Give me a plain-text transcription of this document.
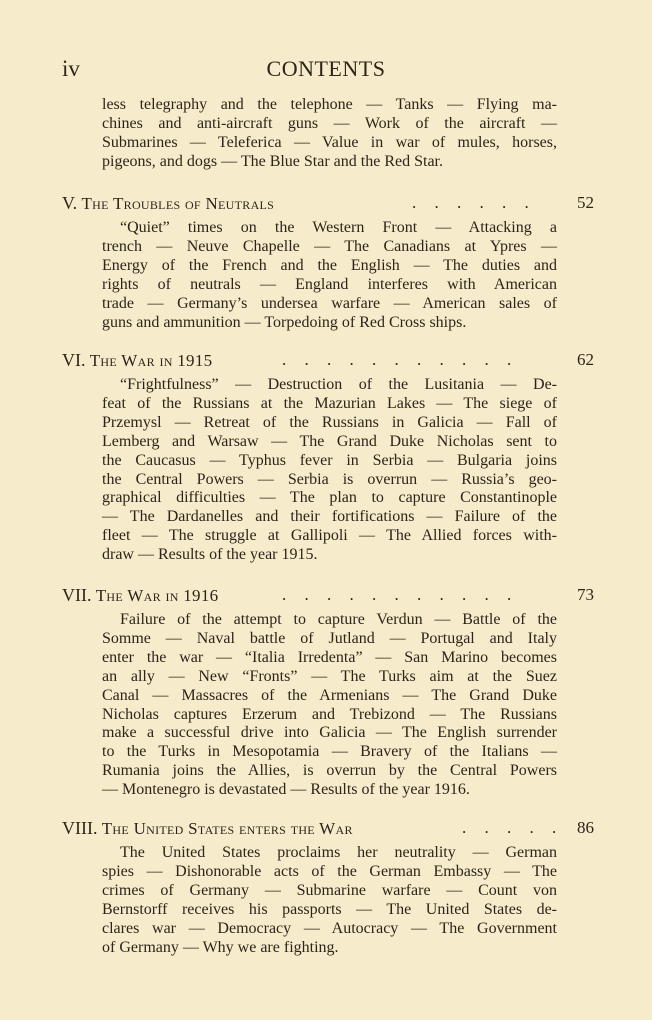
iv	CONTENTS
less telegraphy and the telephone — Tanks — Flying ma-
chines and anti-aircraft guns — Work of the aircraft —
Submarines — Teleferica — Value in war of mules, horses,
pigeons, and dogs — The Blue Star and the Red Star.
V. The Troubles of Neutrals	. . . . . . 52
“Quiet” times on the Western Front — Attacking a
trench — Neuve Chapelle — The Canadians at Ypres —
Energy of the French and the English — The duties and
rights of neutrals — England interferes with American
trade — Germany’s undersea warfare — American sales of
guns and ammunition — Torpedoing of Red Cross ships.
VI. The War in 1915	. . . . . . . . . . .	62
“Frightfulness” — Destruction of the Lusitania — De-
feat of the Russians at the Mazurian Lakes — The siege of
Przemysl — Retreat of the Russians in Galicia — Fall of
Lemberg and Warsaw — The Grand Duke Nicholas sent to
the Caucasus — Typhus fever in Serbia — Bulgaria joins
the Central Powers — Serbia is overrun — Russia’s geo-
graphical difficulties — The plan to capture Constantinople
— The Dardanelles and their fortifications — Failure of the
fleet — The struggle at Gallipoli — The Allied forces with-
draw — Results of the year 1915.
VII. The War in 1916	. . . . . . . . . . .	73
Failure of the attempt to capture Verdun — Battle of the
Somme — Naval battle of Jutland — Portugal and Italy
enter the war — “Italia Irredenta” — San Marino becomes
an ally — New “Fronts” — The Turks aim at the Suez
Canal — Massacres of the Armenians — The Grand Duke
Nicholas captures Erzerum and Trebizond — The Russians
make a successful drive into Galicia — The English surrender
to the Turks in Mesopotamia — Bravery of the Italians —
Rumania joins the Allies, is overrun by the Central Powers
— Montenegro is devastated — Results of the year 1916.
VIII. The United States enters the War	. . . . . 86
The United States proclaims her neutrality — German
spies — Dishonorable acts of the German Embassy — The
crimes of Germany — Submarine warfare — Count von
Bernstorff receives his passports — The United States de-
clares war — Democracy — Autocracy — The Government
of Germany — Why we are fighting.
